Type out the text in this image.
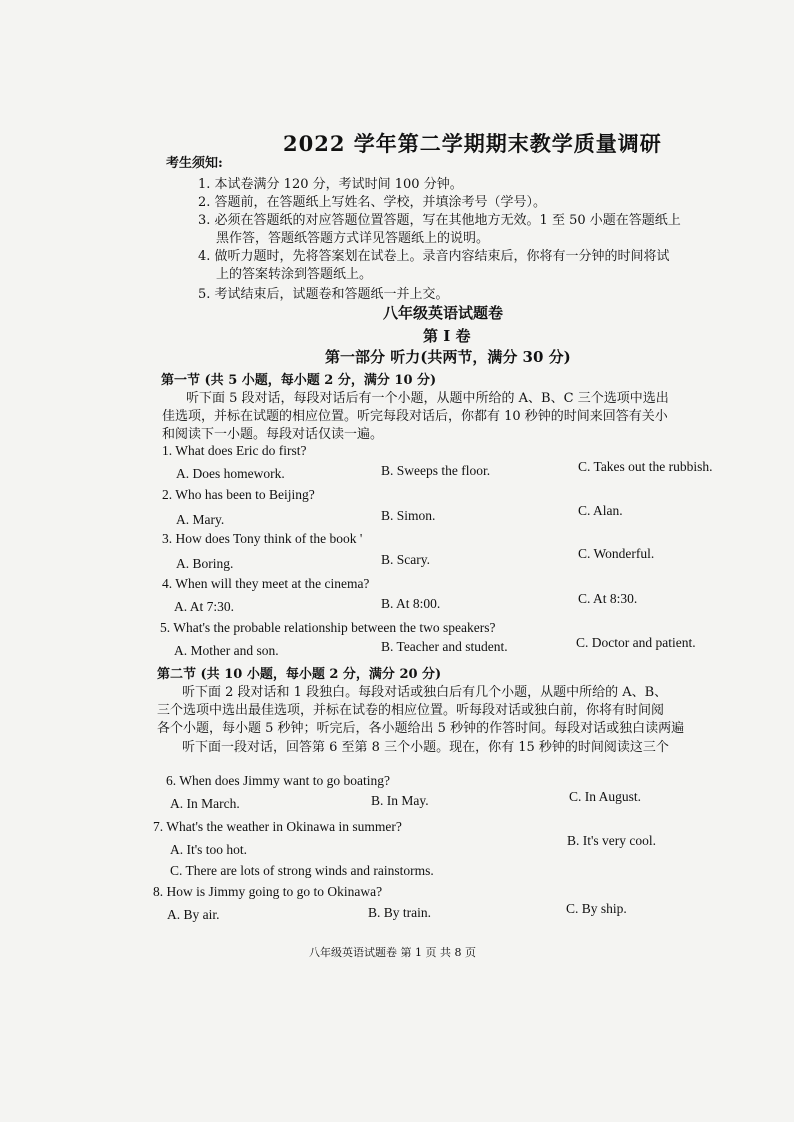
2022 学年第二学期期末教学质量调研
考生须知:
1. 本试卷满分 120 分，考试时间 100 分钟。
2. 答题前，在答题纸上写姓名、学校，并填涂考号（学号）。
3. 必须在答题纸的对应答题位置答题，写在其他地方无效。1 至 50 小题在答题纸上
黑作答，答题纸答题方式详见答题纸上的说明。
4. 做听力题时，先将答案划在试卷上。录音内容结束后，你将有一分钟的时间将试
上的答案转涂到答题纸上。
5. 考试结束后，试题卷和答题纸一并上交。
八年级英语试题卷
第 I 卷
第一部分 听力(共两节，满分 30 分)
第一节 (共 5 小题，每小题 2 分，满分 10 分)
听下面 5 段对话，每段对话后有一个小题，从题中所给的 A、B、C 三个选项中选出
佳选项，并标在试题的相应位置。听完每段对话后，你都有 10 秒钟的时间来回答有关小
和阅读下一小题。每段对话仅读一遍。
1. What does Eric do first?
A. Does homework.	B. Sweeps the floor.	C. Takes out the rubbish.
2. Who has been to Beijing?
A. Mary.	B. Simon.	C. Alan.
3. How does Tony think of the book '
A. Boring.	B. Scary.	C. Wonderful.
4. When will they meet at the cinema?
A. At 7:30.	B. At 8:00.	C. At 8:30.
5. What's the probable relationship between the two speakers?
A. Mother and son.	B. Teacher and student.	C. Doctor and patient.
第二节 (共 10 小题，每小题 2 分，满分 20 分)
听下面 2 段对话和 1 段独白。每段对话或独白后有几个小题，从题中所给的 A、B、
三个选项中选出最佳选项，并标在试卷的相应位置。听每段对话或独白前，你将有时间阅
各个小题，每小题 5 秒钟；听完后，各小题给出 5 秒钟的作答时间。每段对话或独白读两遍
听下面一段对话，回答第 6 至第 8 三个小题。现在，你有 15 秒钟的时间阅读这三个
6. When does Jimmy want to go boating?
A. In March.	B. In May.	C. In August.
7. What's the weather in Okinawa in summer?
A. It's too hot.
B. It's very cool.
C. There are lots of strong winds and rainstorms.
8. How is Jimmy going to go to Okinawa?
A. By air.	B. By train.	C. By ship.
八年级英语试题卷 第 1 页 共 8 页
